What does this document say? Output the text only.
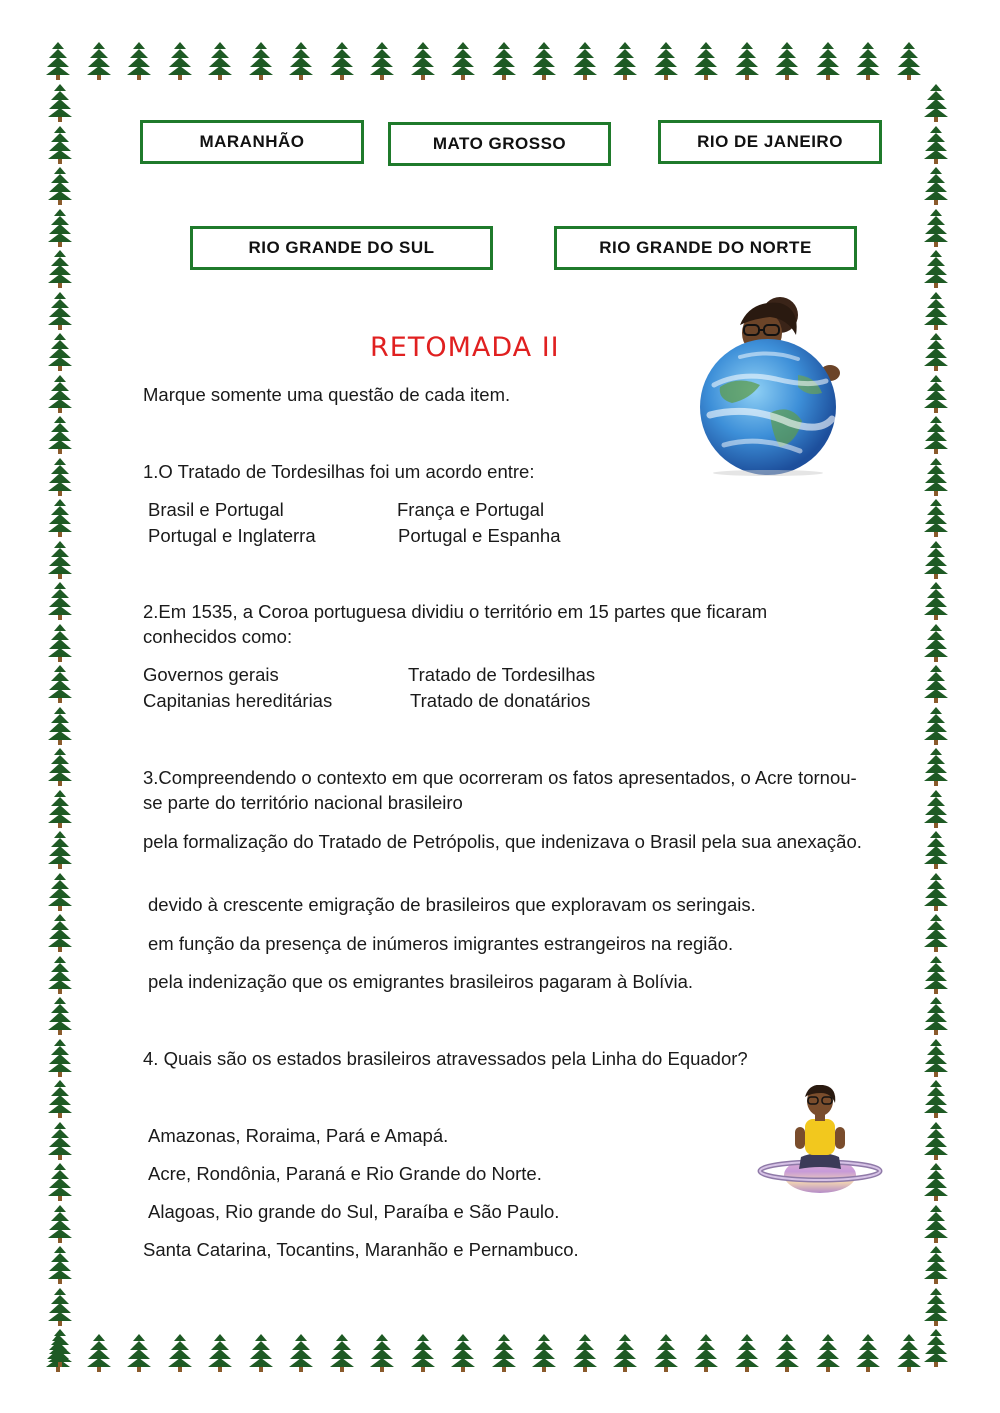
MARANHÃO	MATO GROSSO	RIO DE JANEIRO
RIO GRANDE DO SUL	RIO GRANDE DO NORTE
RETOMADA II
Marque somente uma questão de cada item.
1.O Tratado de Tordesilhas foi um acordo entre:
Brasil e Portugal	França e Portugal
Portugal e Inglaterra	Portugal e Espanha
2.Em 1535, a Coroa portuguesa dividiu o território em 15 partes que ficaram conhecidos como:
Governos gerais	Tratado de Tordesilhas
Capitanias hereditárias	Tratado de donatários
3.Compreendendo o contexto em que ocorreram os fatos apresentados, o Acre tornou-se parte do território nacional brasileiro
pela formalização do Tratado de Petrópolis, que indenizava o Brasil pela sua anexação.
devido à crescente emigração de brasileiros que exploravam os seringais.
em função da presença de inúmeros imigrantes estrangeiros na região.
pela indenização que os emigrantes brasileiros pagaram à Bolívia.
4. Quais são os estados brasileiros atravessados pela Linha do Equador?
Amazonas, Roraima, Pará e Amapá.
Acre, Rondônia, Paraná e Rio Grande do Norte.
Alagoas, Rio grande do Sul, Paraíba e São Paulo.
Santa Catarina, Tocantins, Maranhão e Pernambuco.
